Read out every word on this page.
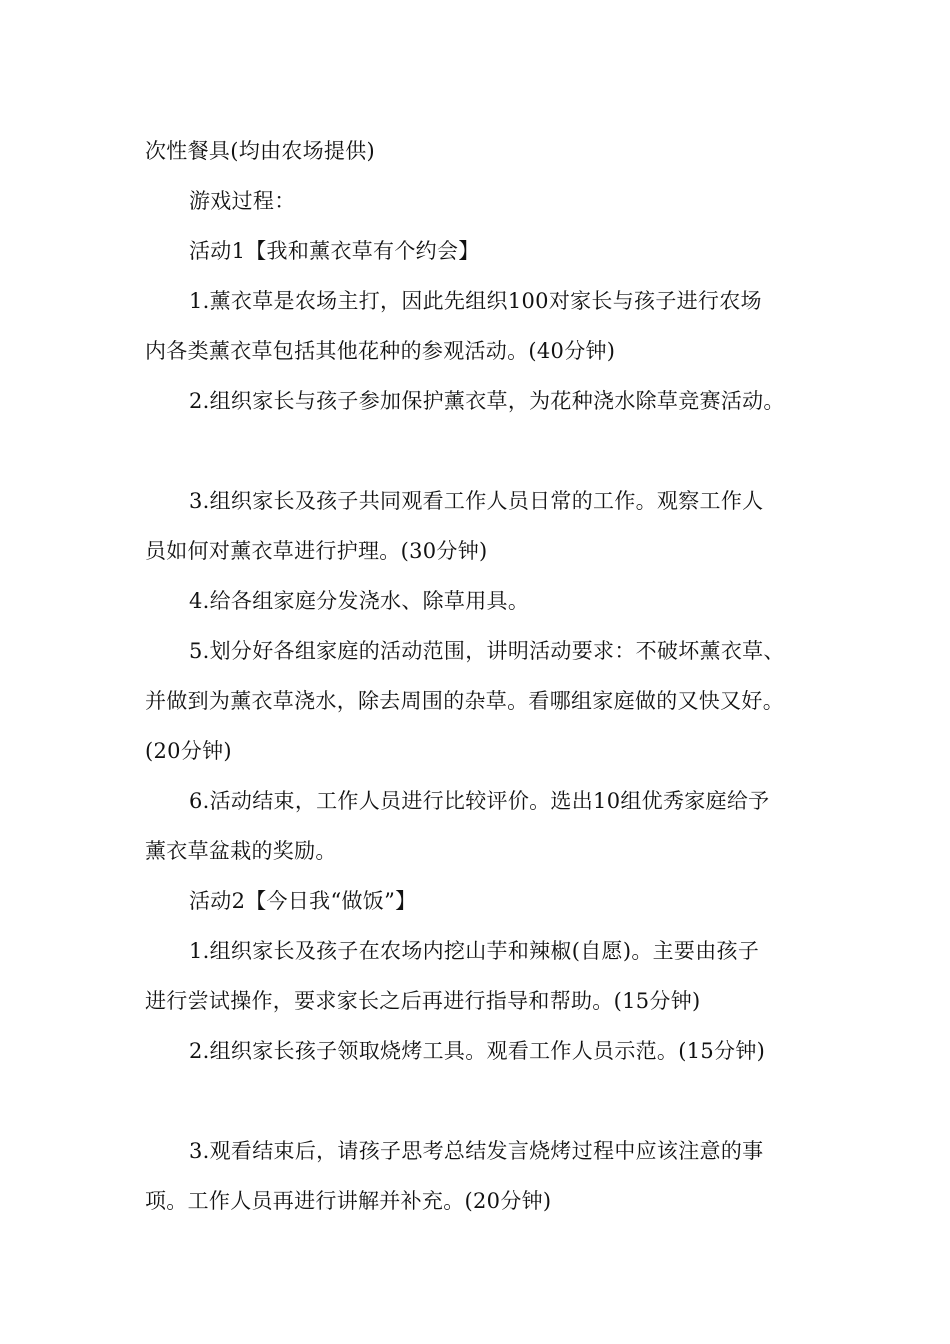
次性餐具(均由农场提供)
游戏过程：
活动1【我和薰衣草有个约会】
1.薰衣草是农场主打，因此先组织100对家长与孩子进行农场
内各类薰衣草包括其他花种的参观活动。(40分钟)
2.组织家长与孩子参加保护薰衣草，为花种浇水除草竞赛活动。
3.组织家长及孩子共同观看工作人员日常的工作。观察工作人
员如何对薰衣草进行护理。(30分钟)
4.给各组家庭分发浇水、除草用具。
5.划分好各组家庭的活动范围，讲明活动要求：不破坏薰衣草、
并做到为薰衣草浇水，除去周围的杂草。看哪组家庭做的又快又好。
(20分钟)
6.活动结束，工作人员进行比较评价。选出10组优秀家庭给予
薰衣草盆栽的奖励。
活动2【今日我“做饭”】
1.组织家长及孩子在农场内挖山芋和辣椒(自愿)。主要由孩子
进行尝试操作，要求家长之后再进行指导和帮助。(15分钟)
2.组织家长孩子领取烧烤工具。观看工作人员示范。(15分钟)
3.观看结束后，请孩子思考总结发言烧烤过程中应该注意的事
项。工作人员再进行讲解并补充。(20分钟)
